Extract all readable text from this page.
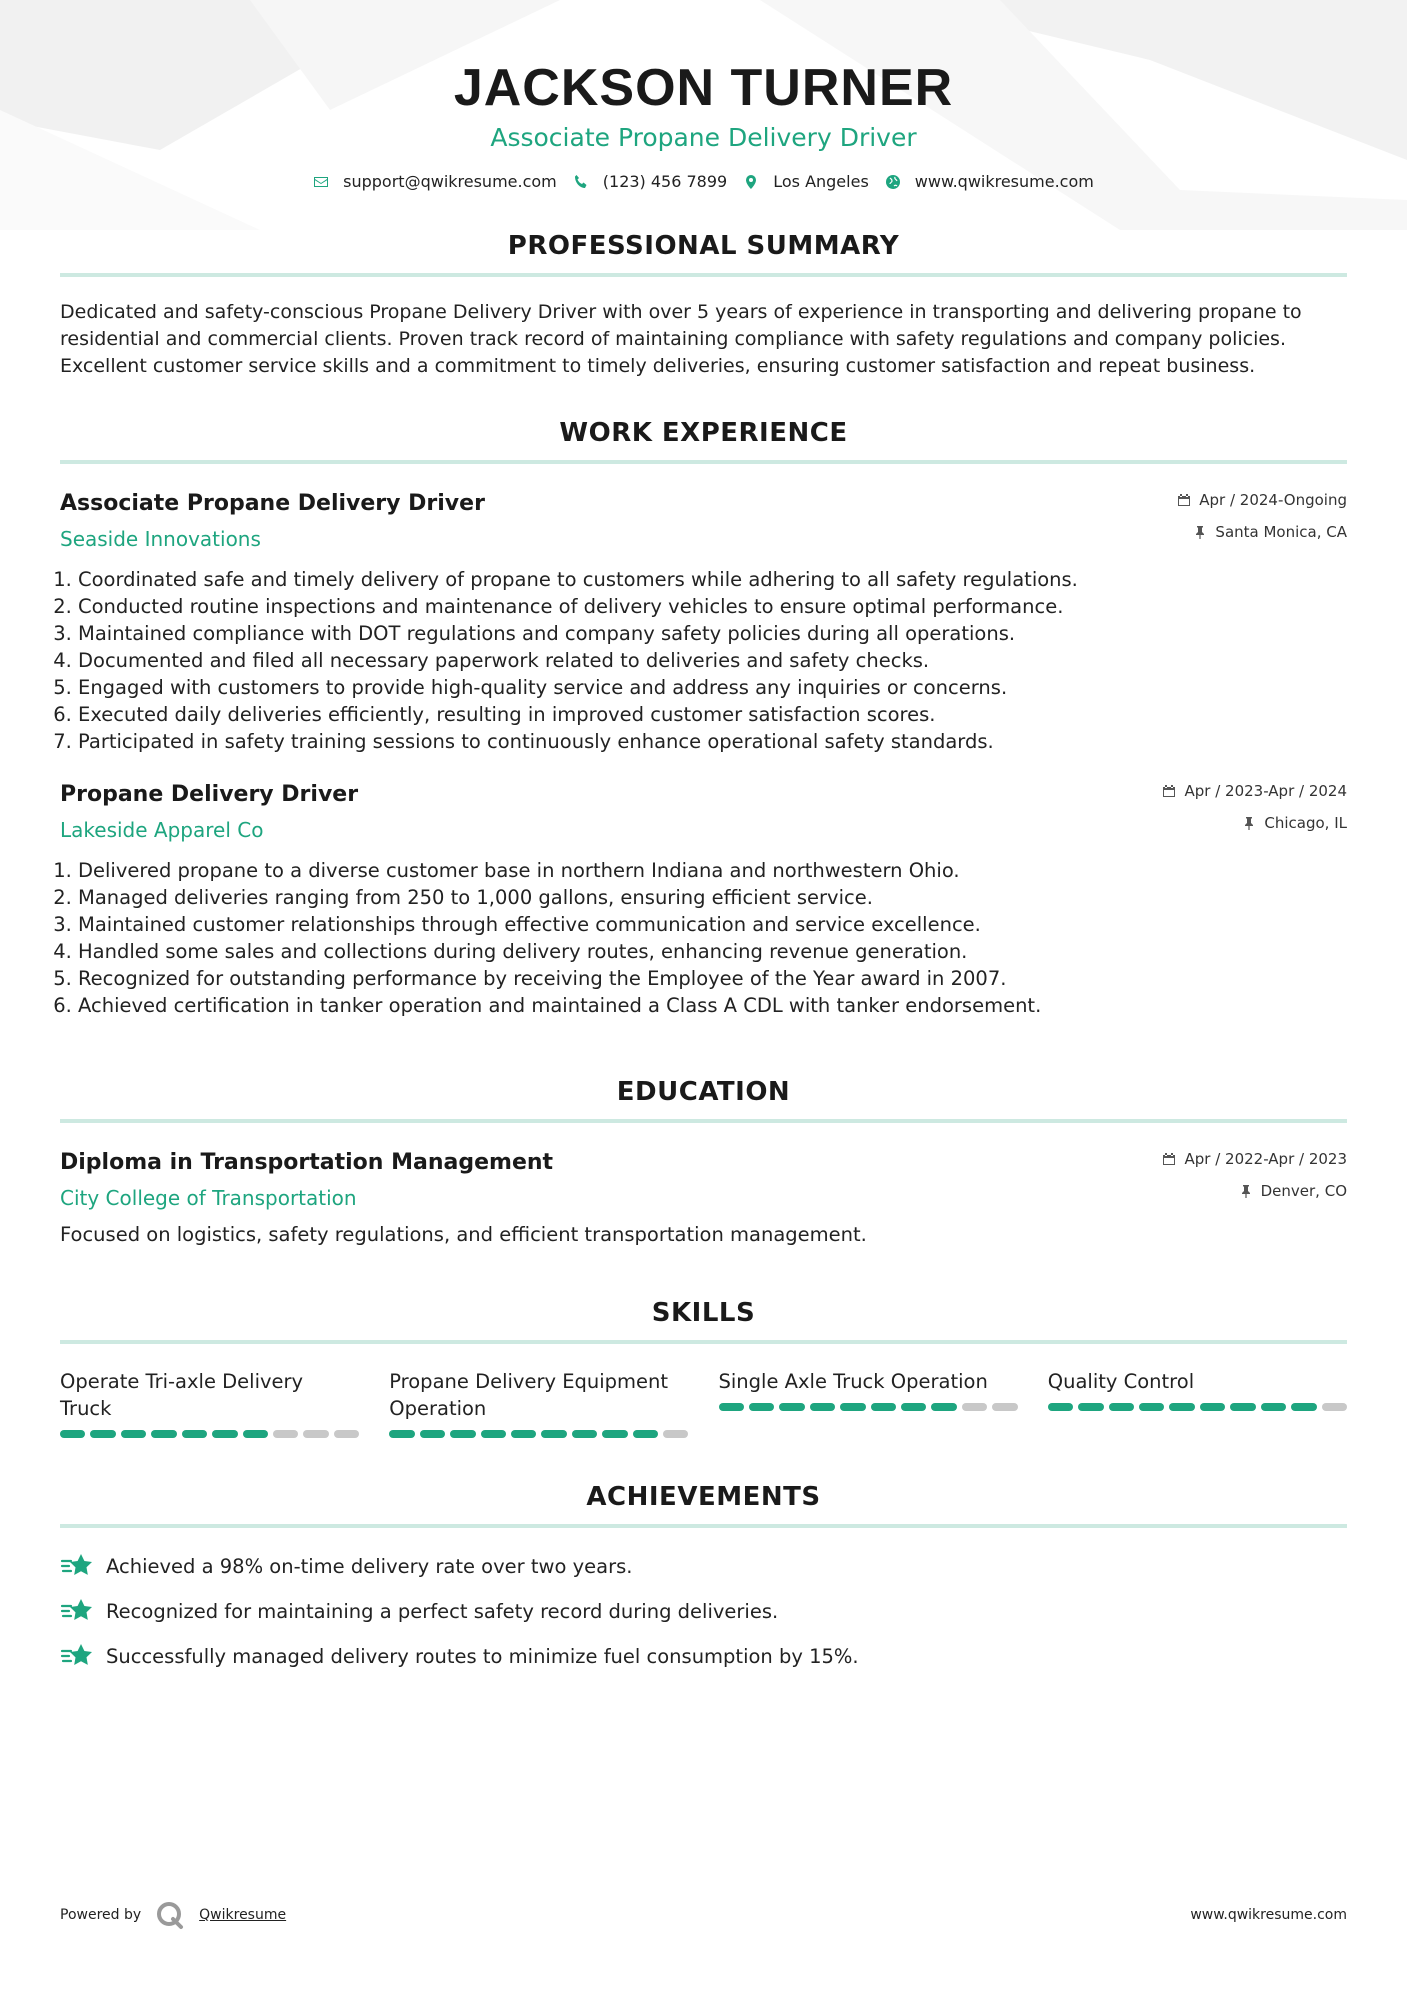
JACKSON TURNER
Associate Propane Delivery Driver
support@qwikresume.com	(123) 456 7899	Los Angeles	www.qwikresume.com
PROFESSIONAL SUMMARY
Dedicated and safety-conscious Propane Delivery Driver with over 5 years of experience in transporting and delivering propane to residential and commercial clients. Proven track record of maintaining compliance with safety regulations and company policies. Excellent customer service skills and a commitment to timely deliveries, ensuring customer satisfaction and repeat business.
WORK EXPERIENCE
Associate Propane Delivery Driver
Seaside Innovations
Apr / 2024-Ongoing
Santa Monica, CA
1. Coordinated safe and timely delivery of propane to customers while adhering to all safety regulations.
2. Conducted routine inspections and maintenance of delivery vehicles to ensure optimal performance.
3. Maintained compliance with DOT regulations and company safety policies during all operations.
4. Documented and filed all necessary paperwork related to deliveries and safety checks.
5. Engaged with customers to provide high-quality service and address any inquiries or concerns.
6. Executed daily deliveries efficiently, resulting in improved customer satisfaction scores.
7. Participated in safety training sessions to continuously enhance operational safety standards.
Propane Delivery Driver
Lakeside Apparel Co
Apr / 2023-Apr / 2024
Chicago, IL
1. Delivered propane to a diverse customer base in northern Indiana and northwestern Ohio.
2. Managed deliveries ranging from 250 to 1,000 gallons, ensuring efficient service.
3. Maintained customer relationships through effective communication and service excellence.
4. Handled some sales and collections during delivery routes, enhancing revenue generation.
5. Recognized for outstanding performance by receiving the Employee of the Year award in 2007.
6. Achieved certification in tanker operation and maintained a Class A CDL with tanker endorsement.
EDUCATION
Diploma in Transportation Management
City College of Transportation
Apr / 2022-Apr / 2023
Denver, CO
Focused on logistics, safety regulations, and efficient transportation management.
SKILLS
Operate Tri-axle Delivery Truck
Propane Delivery Equipment Operation
Single Axle Truck Operation	Quality Control
ACHIEVEMENTS
Achieved a 98% on-time delivery rate over two years.
Recognized for maintaining a perfect safety record during deliveries.
Successfully managed delivery routes to minimize fuel consumption by 15%.
Powered by	Qwikresume	www.qwikresume.com
